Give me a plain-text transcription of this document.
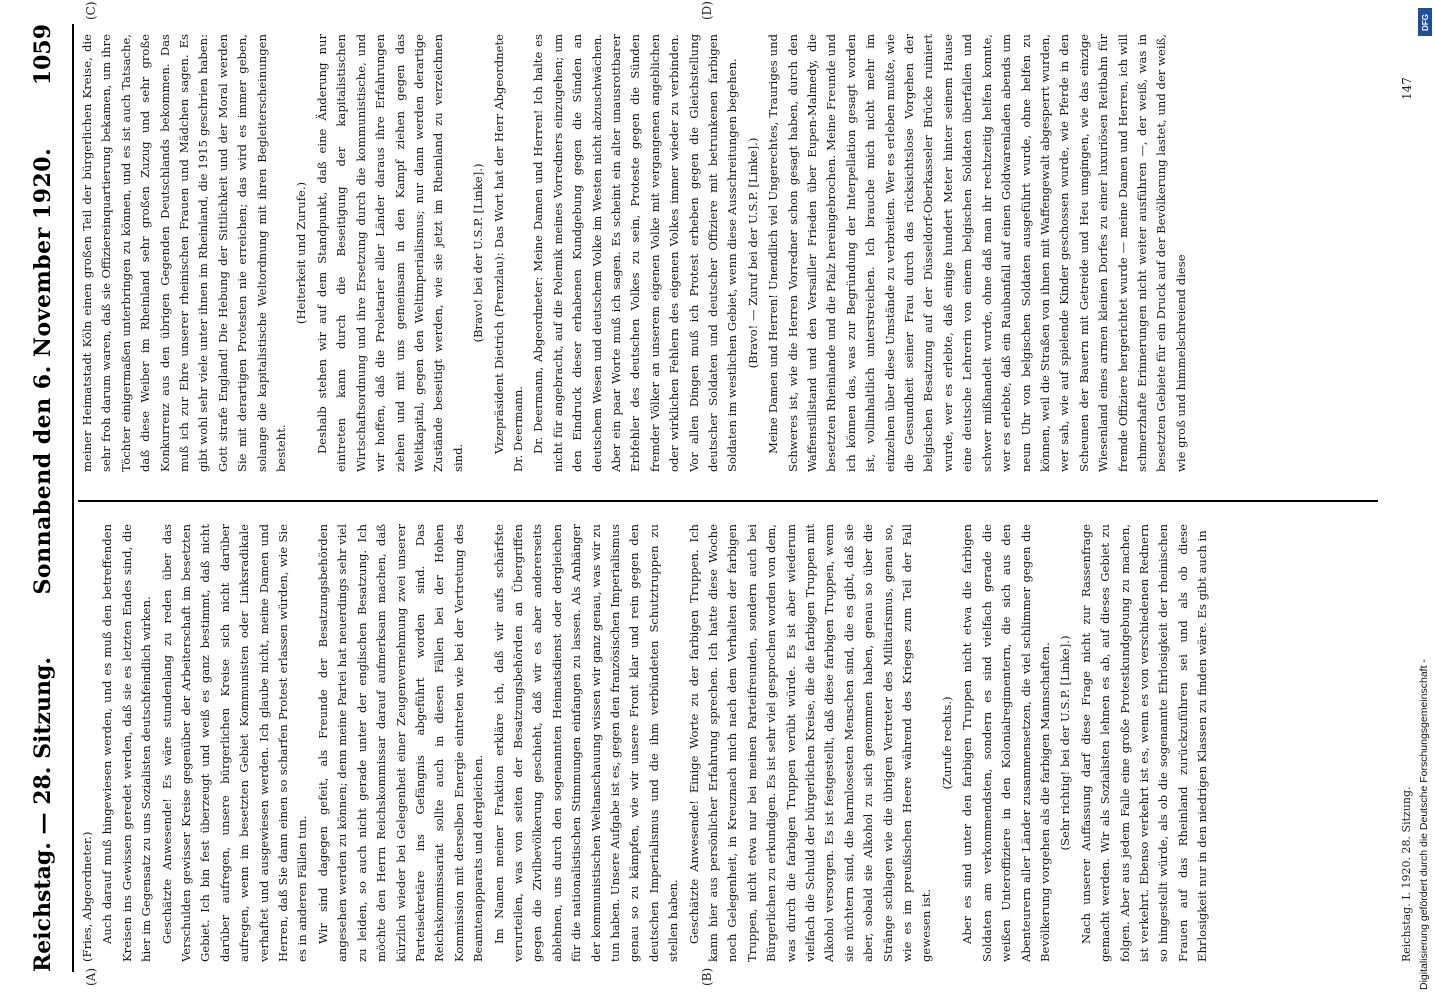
Reichstag. — 28. Sitzung.
Sonnabend den 6. November 1920.
1059
(A)	(B)
(C)	(D)

(Fries, Abgeordneter.) Auch darauf muß hingewiesen werden, und es muß den betreffenden Kreisen ins Gewissen geredet werden, daß sie es letzten Endes sind, die hier im Gegensatz zu uns Sozialisten deutschfeindlich wirken. Geschätzte Anwesende! Es wäre stundenlang zu reden über das Verschulden gewisser Kreise gegenüber der Arbeiterschaft im besetzten Gebiet. Ich bin fest überzeugt und weiß es ganz bestimmt, daß nicht darüber aufregen, unsere bürgerlichen Kreise sich nicht darüber aufregen, wenn im besetzten Gebiet Kommunisten oder Linksradikale verhaftet und ausgewiesen werden. Ich glaube nicht, meine Damen und Herren, daß Sie dann einen so scharfen Protest erlassen würden, wie Sie es in anderen Fällen tun. Wir sind dagegen gefeit, als Freunde der Besatzungsbehörden angesehen werden zu können; denn meine Partei hat neuerdings sehr viel zu leiden, so auch nicht gerade unter der englischen Besatzung. Ich möchte den Herrn Reichskommissar darauf aufmerksam machen, daß kürzlich wieder bei Gelegenheit einer Zeugenvernehmung zwei unserer Parteisekretäre ins Gefängnis abgeführt worden sind. Das Reichskommissariat sollte auch in diesen Fällen bei der Hohen Kommission mit derselben Energie eintreten wie bei der Vertretung des Beamtenapparats und dergleichen. Im Namen meiner Fraktion erkläre ich, daß wir aufs schärfste verurteilen, was von seiten der Besatzungsbehörden an Übergriffen gegen die Zivilbevölkerung geschieht, daß wir es aber andererseits ablehnen, uns durch den sogenannten Heimatsdienst oder dergleichen für die nationalistischen Stimmungen einfangen zu lassen. Als Anhänger der kommunistischen Weltanschauung wissen wir ganz genau, was wir zu tun haben. Unsere Aufgabe ist es, gegen den französischen Imperialismus genau so zu kämpfen, wie wir unsere Front klar und rein gegen den deutschen Imperialismus und die ihm verbündeten Schutztruppen zu stellen haben. Geschätzte Anwesende! Einige Worte zu der farbigen Truppen. Ich kann hier aus persönlicher Erfahrung sprechen. Ich hatte diese Woche noch Gelegenheit, in Kreuznach mich nach dem Verhalten der farbigen Truppen, nicht etwa nur bei meinen Parteifreunden, sondern auch bei Bürgerlichen zu erkundigen. Es ist sehr viel gesprochen worden von dem, was durch die farbigen Truppen verübt würde. Es ist aber wiederum vielfach die Schuld der bürgerlichen Kreise, die die farbigen Truppen mit Alkohol versorgen. Es ist festgestellt, daß diese farbigen Truppen, wenn sie nüchtern sind, die harmlosesten Menschen sind, die es gibt, daß sie aber, sobald sie Alkohol zu sich genommen haben, genau so über die Stränge schlagen wie die übrigen Vertreter des Militarismus, genau so, wie es im preußischen Heere während des Krieges zum Teil der Fall gewesen ist.

(Zurufe rechts.) Aber es sind unter den farbigen Truppen nicht etwa die farbigen Soldaten am verkommendsten, sondern es sind vielfach gerade die weißen Unteroffiziere in den Kolonialregimentern, die sich aus den Abenteurern aller Länder zusammensetzen, die viel schlimmer gegen die Bevölkerung vorgehen als die farbigen Mannschaften. (Sehr richtig! bei der U.S.P. [Linke].) Nach unserer Auffassung darf diese Frage nicht zur Rassenfrage gemacht werden. Wir als Sozialisten lehnen es ab, auf dieses Gebiet zu folgen. Aber aus jedem Falle eine große Protestkundgebung zu machen, ist verkehrt. Ebenso verkehrt ist es, wenn es von verschiedenen Rednern so hingestellt würde, als ob die sogenannte Ehrlosigkeit der rheinischen Frauen auf das Rheinland zurückzuführen sei und als ob diese Ehrlosigkeit nur in den niedrigen Klassen zu finden wäre. Es gibt auch in

meiner Heimatstadt Köln einen großen Teil der bürgerlichen Kreise, die sehr froh darum waren, daß sie Offiziereinquartierung bekamen, um ihre Töchter einigermaßen unterbringen zu können, und es ist auch Tatsache, daß diese Weiber im Rheinland sehr großen Zuzug und sehr große Konkurrenz aus den übrigen Gegenden Deutschlands bekommen. Das muß ich zur Ehre unserer rheinischen Frauen und Mädchen sagen. Es gibt wohl sehr viele unter ihnen im Rheinland, die 1915 geschrien haben: Gott strafe England! Die Hebung der Sittlichkeit und der Moral werden Sie mit derartigen Protesten nie erreichen; das wird es immer geben, solange die kapitalistische Weltordnung mit ihren Begleiterscheinungen besteht.

(Heiterkeit und Zurufe.) Deshalb stehen wir auf dem Standpunkt, daß eine Änderung nur eintreten kann durch die Beseitigung der kapitalistischen Wirtschaftsordnung und ihre Ersetzung durch die kommunistische, und wir hoffen, daß die Proletarier aller Länder daraus ihre Erfahrungen ziehen und mit uns gemeinsam in den Kampf ziehen gegen das Weltkapital, gegen den Weltimperialismus; nur dann werden derartige Zustände beseitigt werden, wie sie jetzt im Rheinland zu verzeichnen sind.

(Bravo! bei der U.S.P. [Linke].) Vizepräsident Dietrich (Prenzlau): Das Wort hat der Herr Abgeordnete Dr. Deermann. Dr. Deermann, Abgeordneter: Meine Damen und Herren! Ich halte es nicht für angebracht, auf die Polemik meines Vorredners einzugehen; um den Eindruck dieser erhabenen Kundgebung gegen die Sünden an deutschem Wesen und deutschem Volke im Westen nicht abzuschwächen. Aber ein paar Worte muß ich sagen. Es scheint ein alter unausrottbarer Erbfehler des deutschen Volkes zu sein, Proteste gegen die Sünden fremder Völker an unserem eigenen Volke mit vergangenen angeblichen oder wirklichen Fehlern des eigenen Volkes immer wieder zu verbinden. Vor allen Dingen muß ich Protest erheben gegen die Gleichstellung deutscher Soldaten und deutscher Offiziere mit betrunkenen farbigen Soldaten im westlichen Gebiet, wenn diese Ausschreitungen begehen. (Bravo! — Zuruf bei der U.S.P. [Linke].) Meine Damen und Herren! Unendlich viel Ungerechtes, Trauriges und Schweres ist, wie die Herren Vorredner schon gesagt haben, durch den Waffenstillstand und den Versailler Frieden über Eupen-Malmedy, die besetzten Rheinlande und die Pfalz hereingebrochen. Meine Freunde und ich können das, was zur Begründung der Interpellation gesagt worden ist, vollinhaltlich unterstreichen. Ich brauche mich nicht mehr im einzelnen über diese Umstände zu verbreiten. Wer es erleben mußte, wie die Gesundheit seiner Frau durch das rücksichtslose Vorgehen der belgischen Besatzung auf der Düsseldorf-Oberkasseler Brücke ruiniert wurde, wer es erlebte, daß einige hundert Meter hinter seinem Hause eine deutsche Lehrerin von einem belgischen Soldaten überfallen und schwer mißhandelt wurde, ohne daß man ihr rechtzeitig helfen konnte, wer es erlebte, daß ein Raubanfall auf einen Goldwarenladen abends um neun Uhr von belgischen Soldaten ausgeführt wurde, ohne helfen zu können, weil die Straßen von ihnen mit Waffengewalt abgesperrt wurden, wer sah, wie auf spielende Kinder geschossen wurde, wie Pferde in den Scheunen der Bauern mit Getreide und Heu umgingen, wie das einzige Wiesenland eines armen kleinen Dorfes zu einer luxuriösen Reitbahn für fremde Offiziere hergerichtet wurde — meine Damen und Herren, ich will schmerzhafte Erinnerungen nicht weiter ausführen —, der weiß, was in besetzten Gebiete für ein Druck auf der Bevölkerung lastet, und der weiß, wie groß und himmelschreiend diese

Reichstag. I. 1920. 28. Sitzung.
147
DFG
Digitalisierung gefördert durch die Deutsche Forschungsgemeinschaft -
